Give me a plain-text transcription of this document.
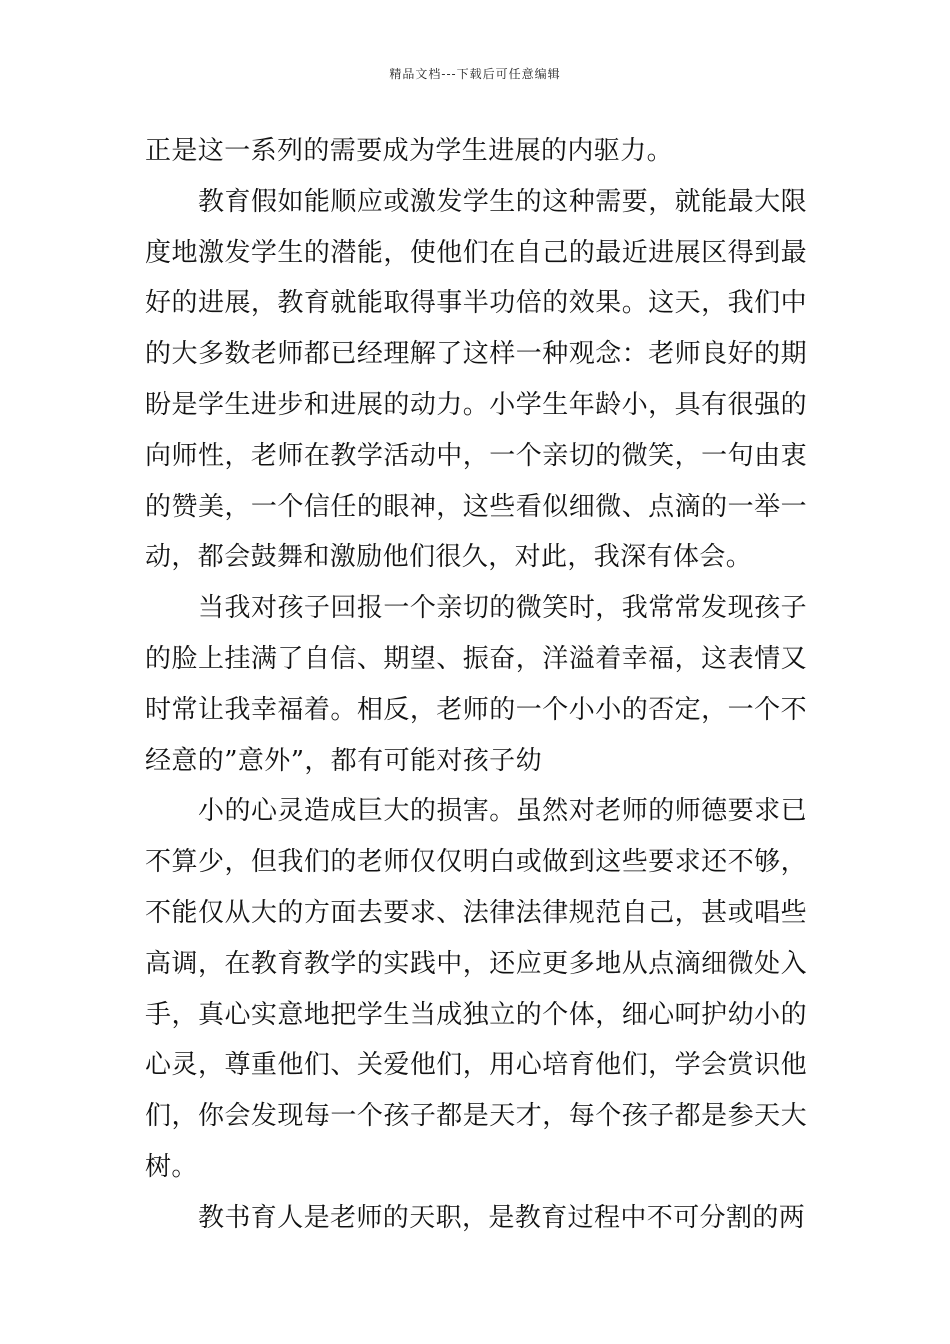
精品文档---下载后可任意编辑

正是这一系列的需要成为学生进展的内驱力。

教育假如能顺应或激发学生的这种需要，就能最大限度地激发学生的潜能，使他们在自己的最近进展区得到最好的进展，教育就能取得事半功倍的效果。这天，我们中的大多数老师都已经理解了这样一种观念：老师良好的期盼是学生进步和进展的动力。小学生年龄小，具有很强的向师性，老师在教学活动中，一个亲切的微笑，一句由衷的赞美，一个信任的眼神，这些看似细微、点滴的一举一动，都会鼓舞和激励他们很久，对此，我深有体会。

当我对孩子回报一个亲切的微笑时，我常常发现孩子的脸上挂满了自信、期望、振奋，洋溢着幸福，这表情又时常让我幸福着。相反，老师的一个小小的否定，一个不经意的”意外”，都有可能对孩子幼

小的心灵造成巨大的损害。虽然对老师的师德要求已不算少，但我们的老师仅仅明白或做到这些要求还不够，不能仅从大的方面去要求、法律法律规范自己，甚或唱些高调，在教育教学的实践中，还应更多地从点滴细微处入手，真心实意地把学生当成独立的个体，细心呵护幼小的心灵，尊重他们、关爱他们，用心培育他们，学会赏识他们，你会发现每一个孩子都是天才，每个孩子都是参天大树。

教书育人是老师的天职，是教育过程中不可分割的两
